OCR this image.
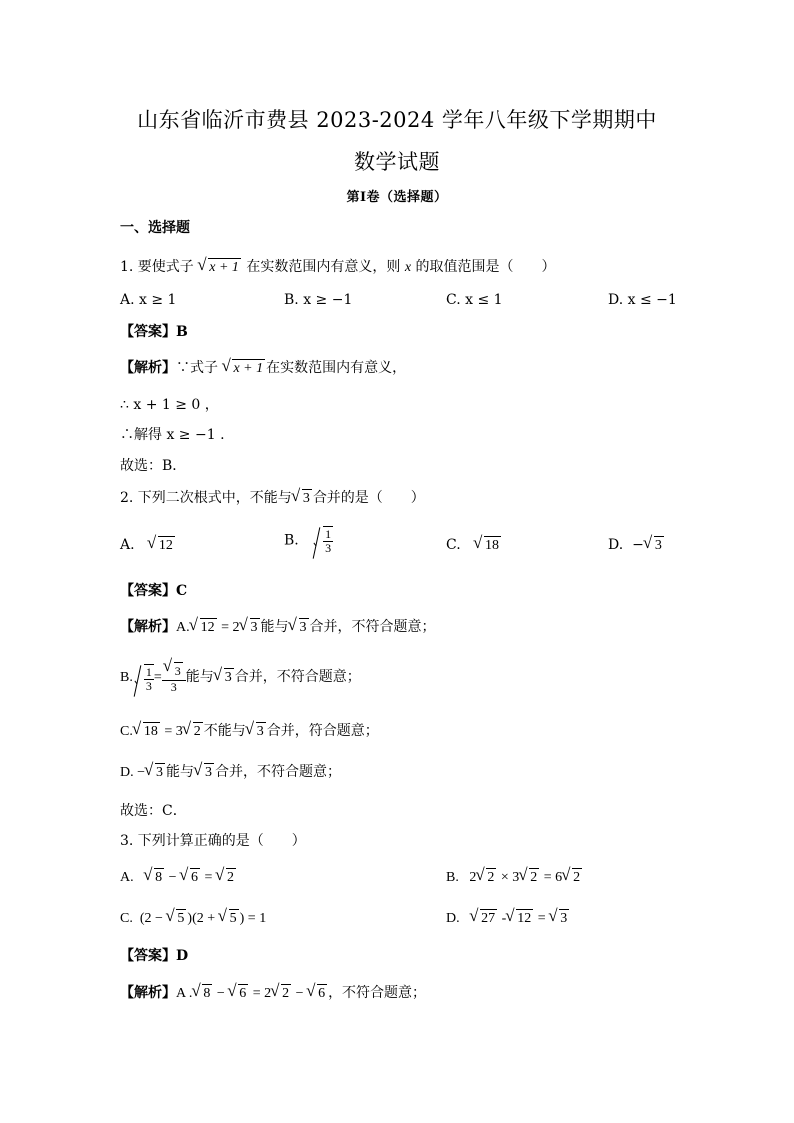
山东省临沂市费县 2023-2024 学年八年级下学期期中
数学试题
第Ⅰ卷（选择题）
一、选择题
1. 要使式子 √ x + 1 在实数范围内有意义，则 x 的取值范围是（　　）
A. x ≥ 1	B. x ≥ −1	C. x ≤ 1	D. x ≤ −1
【答案】B
【解析】∵式子 √ x + 1 在实数范围内有意义，
∴ x + 1 ≥ 0 ，
∴解得 x ≥ −1 .
故选：B．
2. 下列二次根式中，不能与 √ 3 合并的是（　　）
A. √ 12	B. $\frac{1}{3}$	C. √ 18	D. − √ 3
【答案】C
【解析】A. √ 12 = 2 √ 3 能与 √ 3 合并，不符合题意；
B. $\frac{1}{3}$ = √ $\frac{3}{3}$ 能与 √ 3 合并，不符合题意；
C. √ 18 = 3 √ 2 不能与 √ 3 合并，符合题意；
D. − √ 3 能与 √ 3 合并，不符合题意；
故选：C．
3. 下列计算正确的是（　　）
A. √ 8 − √ 6 = √ 2	B. 2 √ 2 × 3 √ 2 = 6 √ 2
C. (2 − √ 5 )(2 + √ 5 ) = 1	D. √ 27 - √ 12 = √ 3
【答案】D
【解析】A . √ 8 − √ 6 = 2 √ 2 − √ 6 ，不符合题意；
